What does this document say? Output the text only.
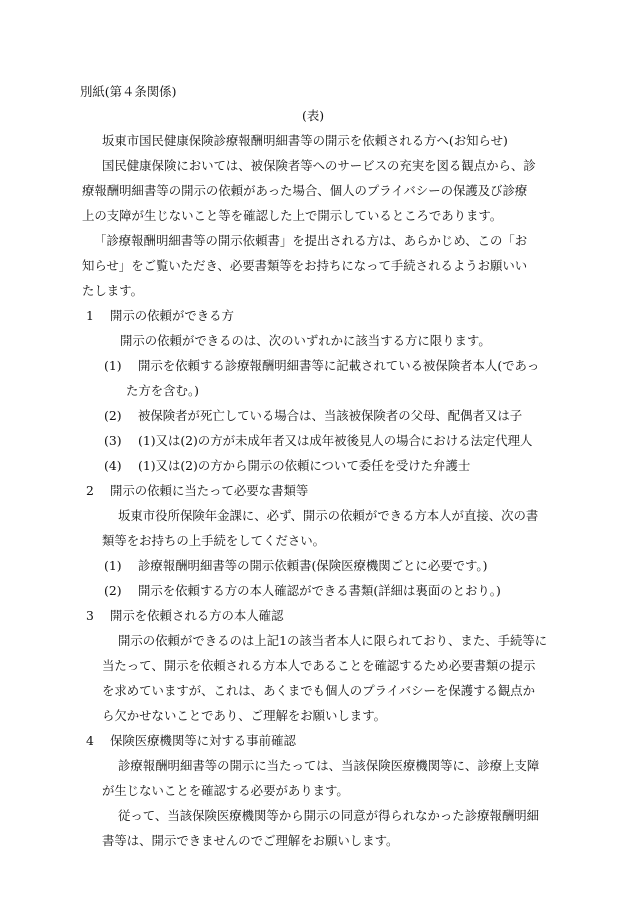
別紙(第４条関係)
(表)
坂東市国民健康保険診療報酬明細書等の開示を依頼される方へ(お知らせ)
国民健康保険においては、被保険者等へのサービスの充実を図る観点から、診
療報酬明細書等の開示の依頼があった場合、個人のプライバシーの保護及び診療
上の支障が生じないこと等を確認した上で開示しているところであります。
「診療報酬明細書等の開示依頼書」を提出される方は、あらかじめ、この「お
知らせ」をご覧いただき、必要書類等をお持ちになって手続されるようお願いい
たします。
1 開示の依頼ができる方
開示の依頼ができるのは、次のいずれかに該当する方に限ります。
(1) 開示を依頼する診療報酬明細書等に記載されている被保険者本人(であっ
た方を含む。)
(2) 被保険者が死亡している場合は、当該被保険者の父母、配偶者又は子
(3) (1)又は(2)の方が未成年者又は成年被後見人の場合における法定代理人
(4) (1)又は(2)の方から開示の依頼について委任を受けた弁護士
2 開示の依頼に当たって必要な書類等
坂東市役所保険年金課に、必ず、開示の依頼ができる方本人が直接、次の書
類等をお持ちの上手続をしてください。
(1) 診療報酬明細書等の開示依頼書(保険医療機関ごとに必要です。)
(2) 開示を依頼する方の本人確認ができる書類(詳細は裏面のとおり。)
3 開示を依頼される方の本人確認
開示の依頼ができるのは上記1の該当者本人に限られており、また、手続等に
当たって、開示を依頼される方本人であることを確認するため必要書類の提示
を求めていますが、これは、あくまでも個人のプライバシーを保護する観点か
ら欠かせないことであり、ご理解をお願いします。
4 保険医療機関等に対する事前確認
診療報酬明細書等の開示に当たっては、当該保険医療機関等に、診療上支障
が生じないことを確認する必要があります。
従って、当該保険医療機関等から開示の同意が得られなかった診療報酬明細
書等は、開示できませんのでご理解をお願いします。
